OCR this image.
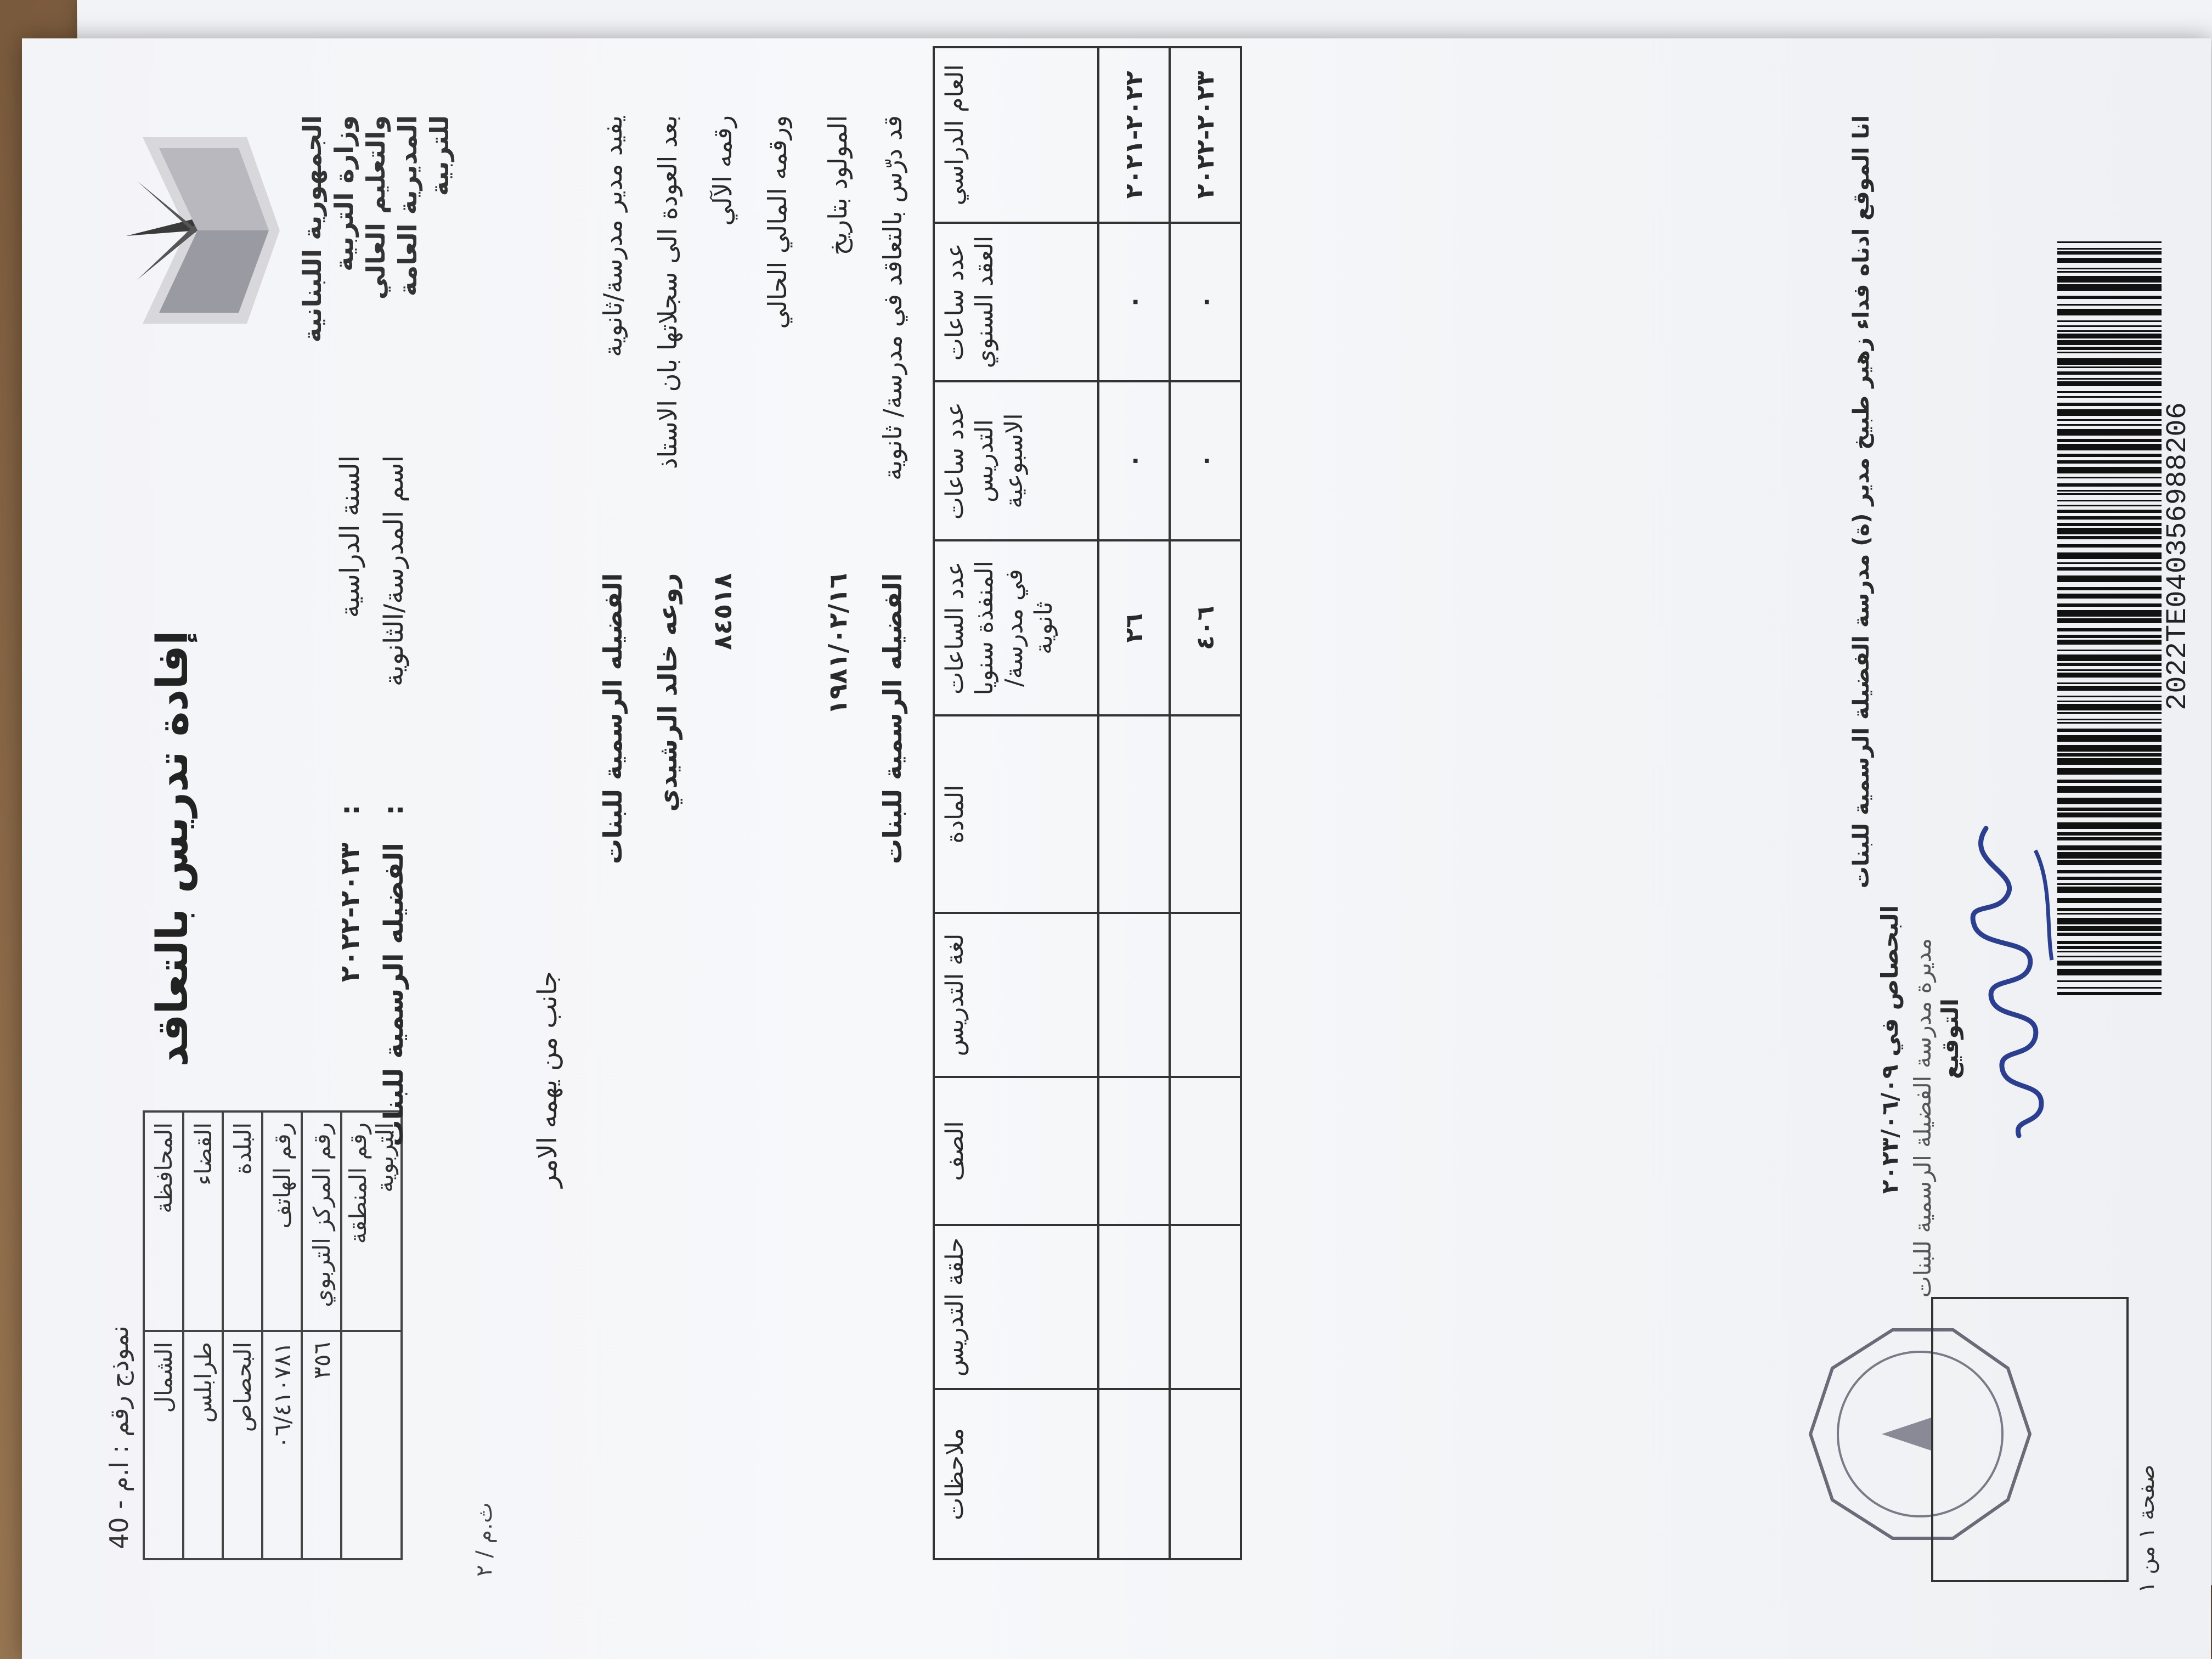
الجمهورية اللبنانية وزارة التربية والتعليم العالي المديرية العامة للتربية
نموذج رقم : ا.م - 40
المحافظة	الشمال
القضاء	طرابلس
البلدة	البحصاص
رقم الهاتف	٠٦/٤١٠٧٨١
رقم المركز التربوي	٣٥٦
رقم المنطقة التربوية	
ث.م / ٢
إفادة تدريس بالتعاقد
السنة الدراسية :   ٢٠٢٣-٢٠٢٢
اسم المدرسة/الثانوية :   الفضيله الرسمية للبنات	جانب من يهمه الامر
يفيد مدير مدرسة/ثانوية الفضيله الرسمية للبنات
بعد العودة الى سجلاتها بان الاستاذ روعه خالد الرشيدي
رقمه الآلي ٨٤٥١٨
ورقمه المالي الحالي المولود بتاريخ ١٩٨١/٠٢/١٦
قد درّس بالتعاقد في مدرسة/ ثانوية الفضيله الرسمية للبنات
العام الدراسي	عدد ساعات العقد السنوي	عدد ساعات التدريس الاسبوعية	عدد الساعات المنفذة سنويا في مدرسة/ثانوية	المادة	لغة التدريس	الصف	حلقة التدريس	ملاحظات
٢٠٢٢-٢٠٢١	٠	٠	٢٦					
٢٠٢٣-٢٠٢٢	٠	٠	٤٠٦						انا الموقع ادناه فداء زهير طبيخ مدير (ة) مدرسة الفضيلة الرسمية للبنات
البحصاص في ٢٠٢٣/٠٦/٠٩ مديرة مدرسة الفضيلة الرسمية للبنات التوقيع
صفحة ١ من ١
2022TE040356988206
